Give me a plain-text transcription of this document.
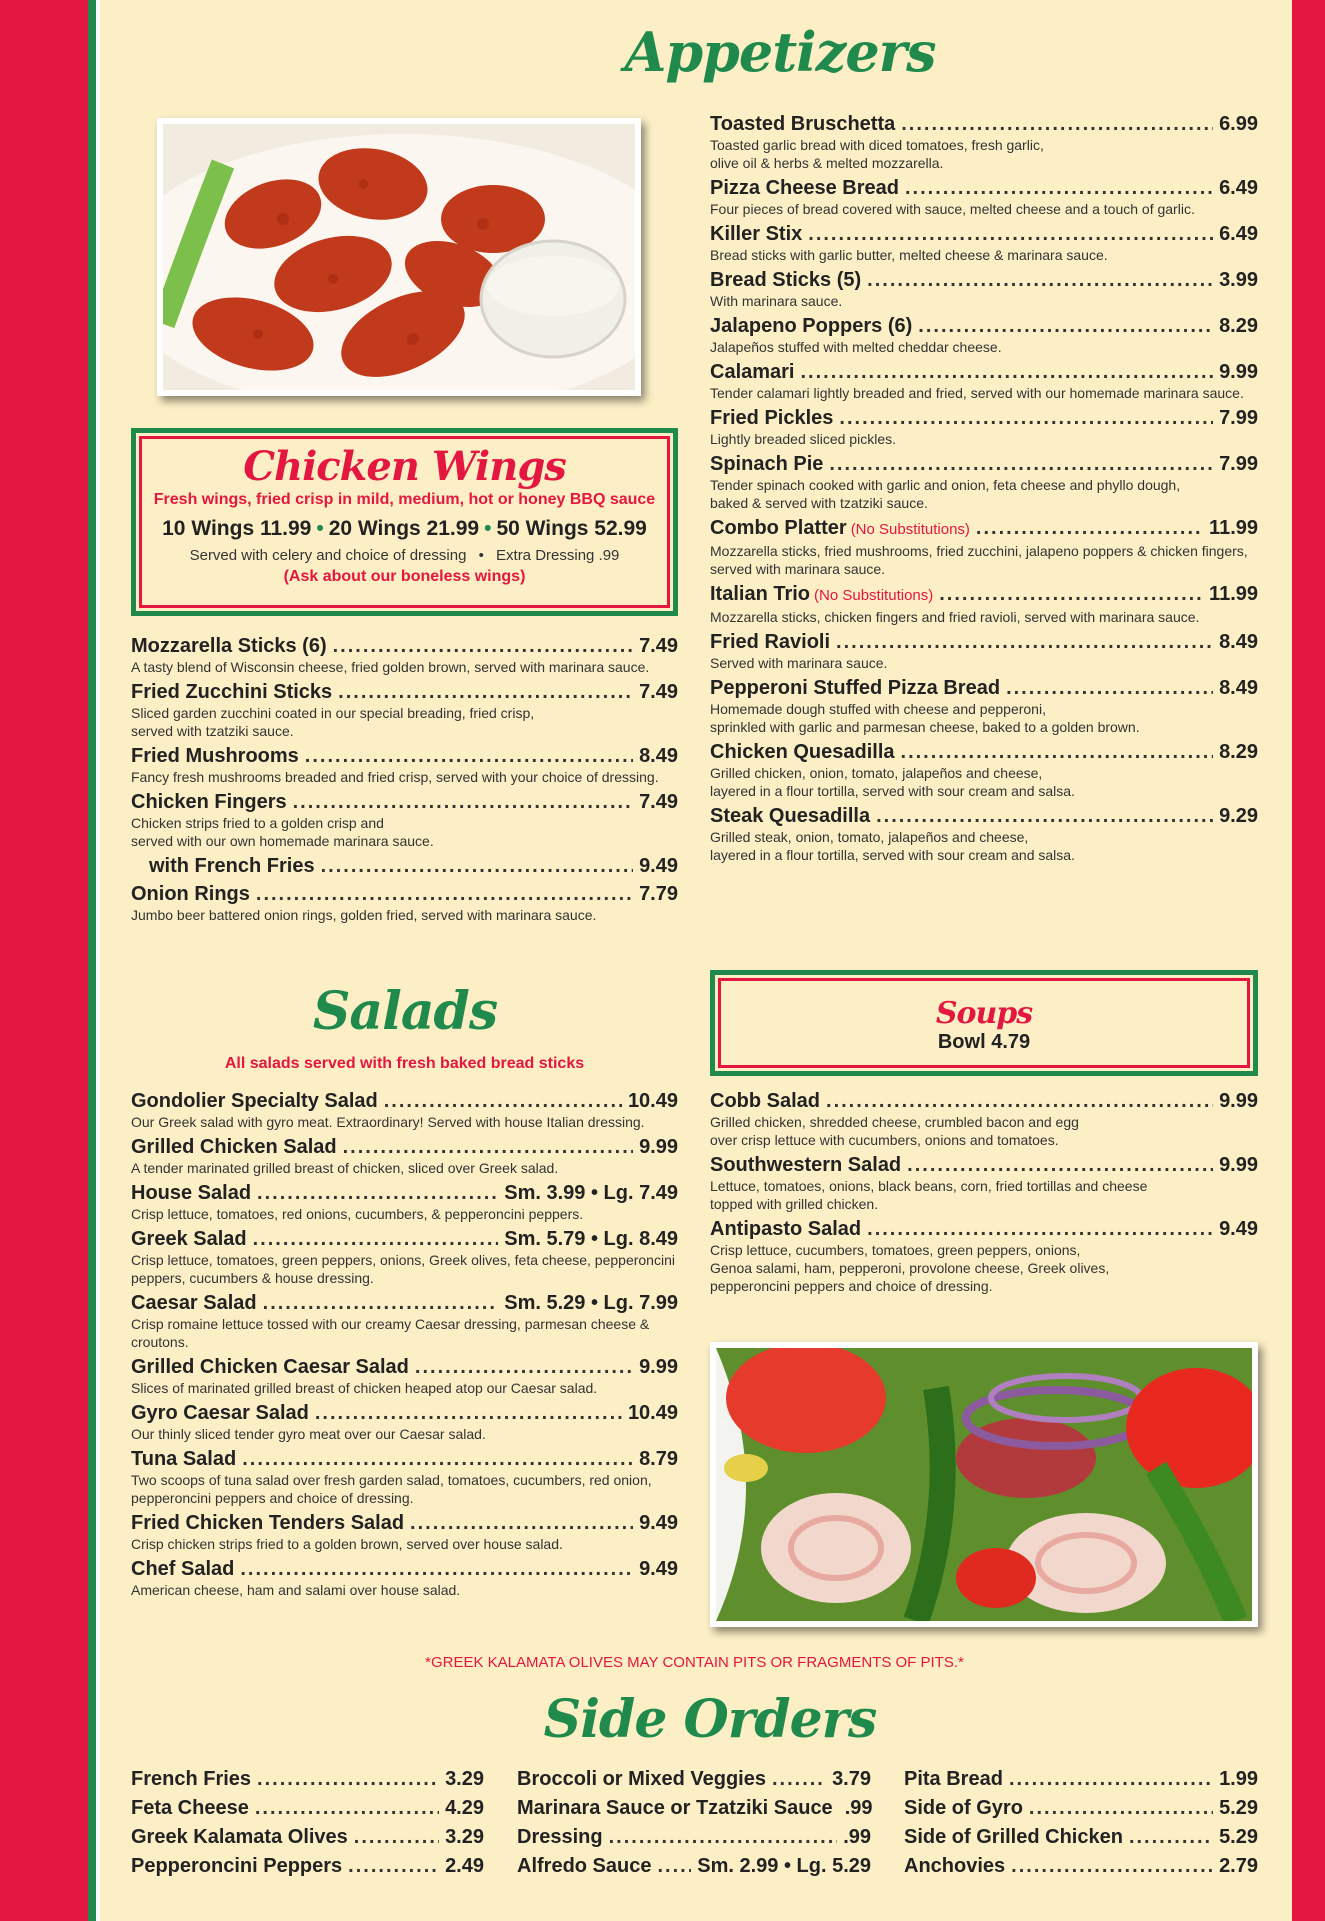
Appetizers
Chicken Wings
Fresh wings, fried crisp in mild, medium, hot or honey BBQ sauce
10 Wings 11.99 • 20 Wings 21.99 • 50 Wings 52.99
Served with celery and choice of dressing • Extra Dressing .99
(Ask about our boneless wings)
Mozzarella Sticks (6) .....	7.49
A tasty blend of Wisconsin cheese, fried golden brown, served with marinara sauce.
Fried Zucchini Sticks .....	7.49
Sliced garden zucchini coated in our special breading, fried crisp,
served with tzatziki sauce.
Fried Mushrooms .....	8.49
Fancy fresh mushrooms breaded and fried crisp, served with your choice of dressing.
Chicken Fingers .....	7.49
Chicken strips fried to a golden crisp and
served with our own homemade marinara sauce.
with French Fries .....	9.49
Onion Rings .....	7.79
Jumbo beer battered onion rings, golden fried, served with marinara sauce.
Toasted Bruschetta .....	6.99
Toasted garlic bread with diced tomatoes, fresh garlic,
olive oil & herbs & melted mozzarella.
Pizza Cheese Bread .....	6.49
Four pieces of bread covered with sauce, melted cheese and a touch of garlic.
Killer Stix .....	6.49
Bread sticks with garlic butter, melted cheese & marinara sauce.
Bread Sticks (5) .....	3.99
With marinara sauce.
Jalapeno Poppers (6) .....	8.29
Jalapeños stuffed with melted cheddar cheese.
Calamari .....	9.99
Tender calamari lightly breaded and fried, served with our homemade marinara sauce.
Fried Pickles .....	7.99
Lightly breaded sliced pickles.
Spinach Pie .....	7.99
Tender spinach cooked with garlic and onion, feta cheese and phyllo dough,
baked & served with tzatziki sauce.
Combo Platter (No Substitutions) .....	11.99
Mozzarella sticks, fried mushrooms, fried zucchini, jalapeno poppers & chicken fingers,
served with marinara sauce.
Italian Trio (No Substitutions) .....	11.99
Mozzarella sticks, chicken fingers and fried ravioli, served with marinara sauce.
Fried Ravioli .....	8.49
Served with marinara sauce.
Pepperoni Stuffed Pizza Bread .....	8.49
Homemade dough stuffed with cheese and pepperoni,
sprinkled with garlic and parmesan cheese, baked to a golden brown.
Chicken Quesadilla .....	8.29
Grilled chicken, onion, tomato, jalapeños and cheese,
layered in a flour tortilla, served with sour cream and salsa.
Steak Quesadilla .....	9.29
Grilled steak, onion, tomato, jalapeños and cheese,
layered in a flour tortilla, served with sour cream and salsa.
Salads
All salads served with fresh baked bread sticks
Gondolier Specialty Salad .....	10.49
Our Greek salad with gyro meat. Extraordinary! Served with house Italian dressing.
Grilled Chicken Salad .....	9.99
A tender marinated grilled breast of chicken, sliced over Greek salad.
House Salad .....	Sm. 3.99 • Lg. 7.49
Crisp lettuce, tomatoes, red onions, cucumbers, & pepperoncini peppers.
Greek Salad .....	Sm. 5.79 • Lg. 8.49
Crisp lettuce, tomatoes, green peppers, onions, Greek olives, feta cheese, pepperoncini
peppers, cucumbers & house dressing.
Caesar Salad .....	Sm. 5.29 • Lg. 7.99
Crisp romaine lettuce tossed with our creamy Caesar dressing, parmesan cheese & croutons.
Grilled Chicken Caesar Salad .....	9.99
Slices of marinated grilled breast of chicken heaped atop our Caesar salad.
Gyro Caesar Salad .....	10.49
Our thinly sliced tender gyro meat over our Caesar salad.
Tuna Salad .....	8.79
Two scoops of tuna salad over fresh garden salad, tomatoes, cucumbers, red onion,
pepperoncini peppers and choice of dressing.
Fried Chicken Tenders Salad .....	9.49
Crisp chicken strips fried to a golden brown, served over house salad.
Chef Salad .....	9.49
American cheese, ham and salami over house salad.
Soups
Bowl 4.79
Cobb Salad .....	9.99
Grilled chicken, shredded cheese, crumbled bacon and egg
over crisp lettuce with cucumbers, onions and tomatoes.
Southwestern Salad .....	9.99
Lettuce, tomatoes, onions, black beans, corn, fried tortillas and cheese
topped with grilled chicken.
Antipasto Salad .....	9.49
Crisp lettuce, cucumbers, tomatoes, green peppers, onions,
Genoa salami, ham, pepperoni, provolone cheese, Greek olives,
pepperoncini peppers and choice of dressing.
*GREEK KALAMATA OLIVES MAY CONTAIN PITS OR FRAGMENTS OF PITS.*
Side Orders
French Fries .....	3.29
Feta Cheese .....	4.29
Greek Kalamata Olives .....	3.29
Pepperoncini Peppers .....	2.49
Broccoli or Mixed Veggies .....	3.79
Marinara Sauce or Tzatziki Sauce .99
Dressing .....	.99
Alfredo Sauce ..... Sm. 2.99 • Lg. 5.29
Pita Bread .....	1.99
Side of Gyro .....	5.29
Side of Grilled Chicken .....	5.29
Anchovies .....	2.79
